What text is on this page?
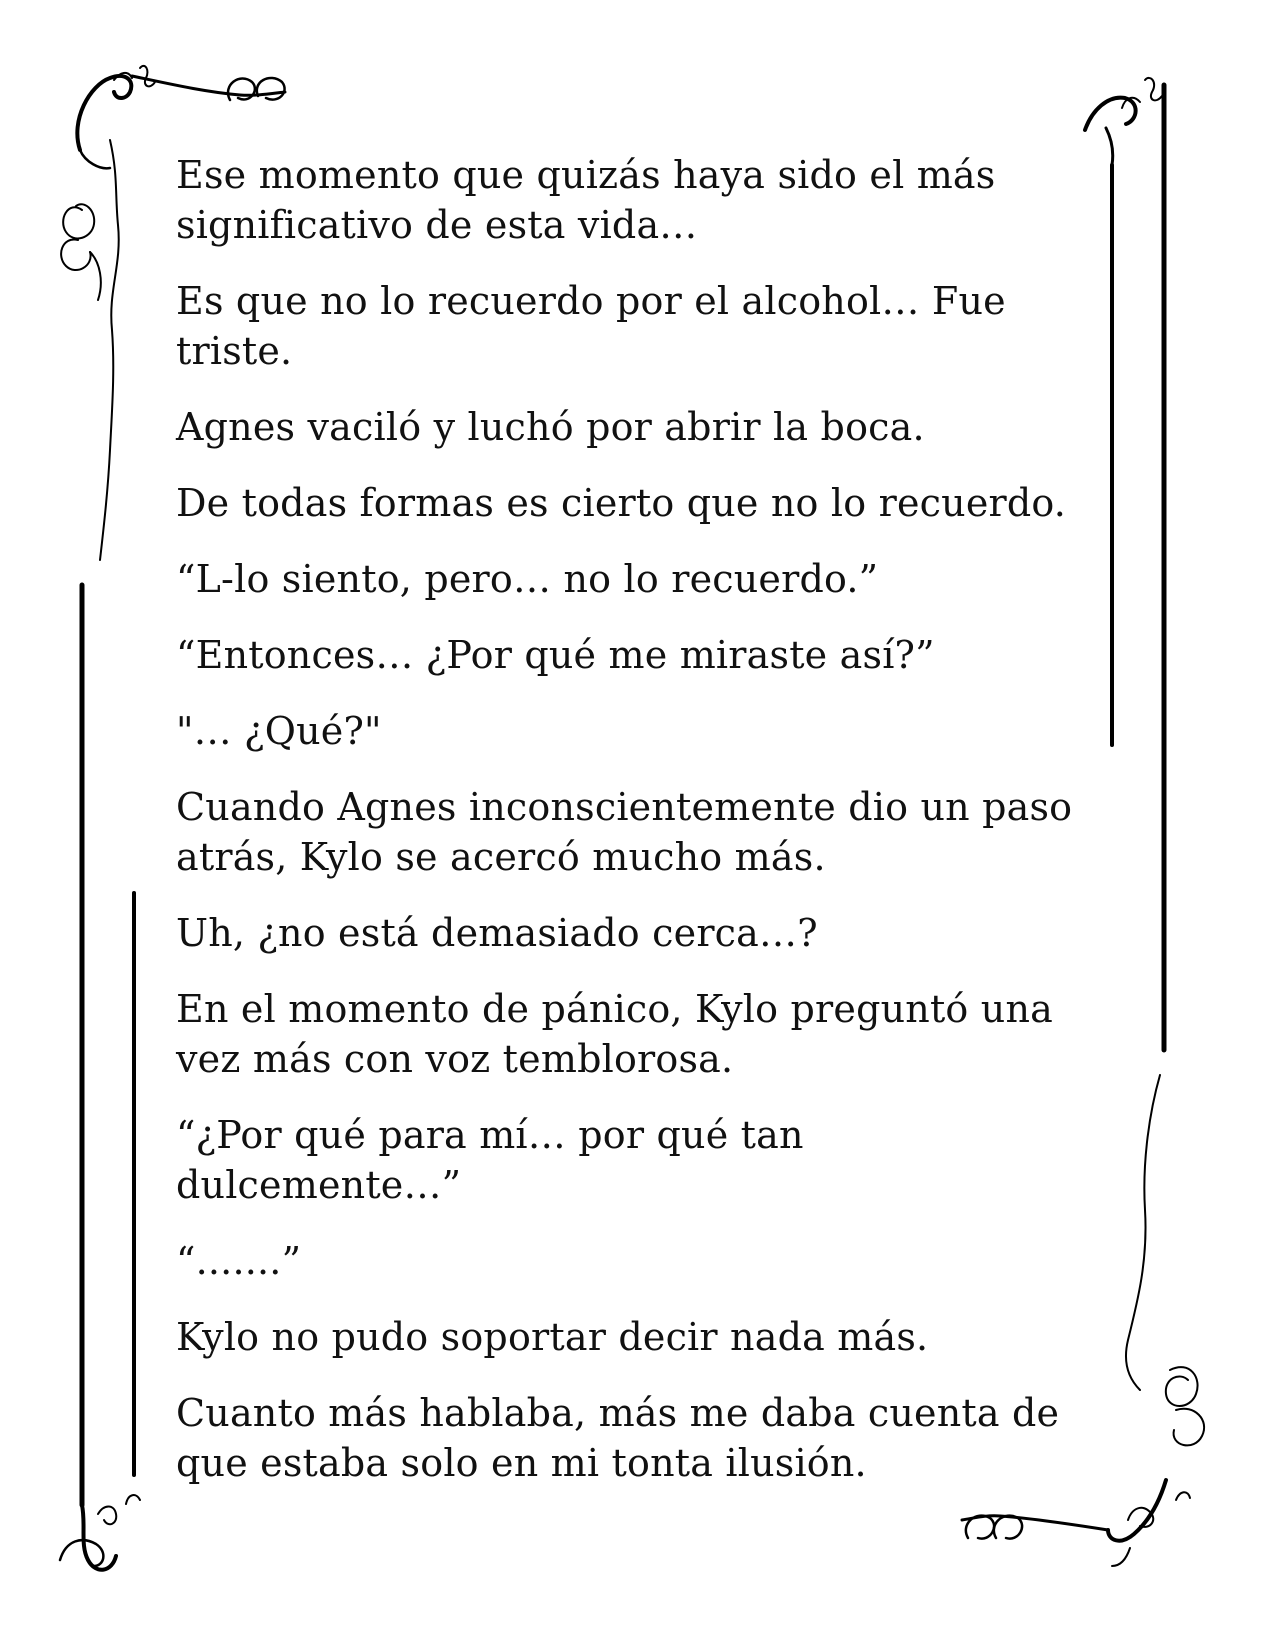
Ese momento que quizás haya sido el más significativo de esta vida…

Es que no lo recuerdo por el alcohol… Fue triste.

Agnes vaciló y luchó por abrir la boca.

De todas formas es cierto que no lo recuerdo.

“L-lo siento, pero… no lo recuerdo.”

“Entonces… ¿Por qué me miraste así?”

"… ¿Qué?"

Cuando Agnes inconscientemente dio un paso atrás, Kylo se acercó mucho más.

Uh, ¿no está demasiado cerca…?

En el momento de pánico, Kylo preguntó una vez más con voz temblorosa.

“¿Por qué para mí… por qué tan dulcemente…”

“.......”

Kylo no pudo soportar decir nada más.

Cuanto más hablaba, más me daba cuenta de que estaba solo en mi tonta ilusión.
